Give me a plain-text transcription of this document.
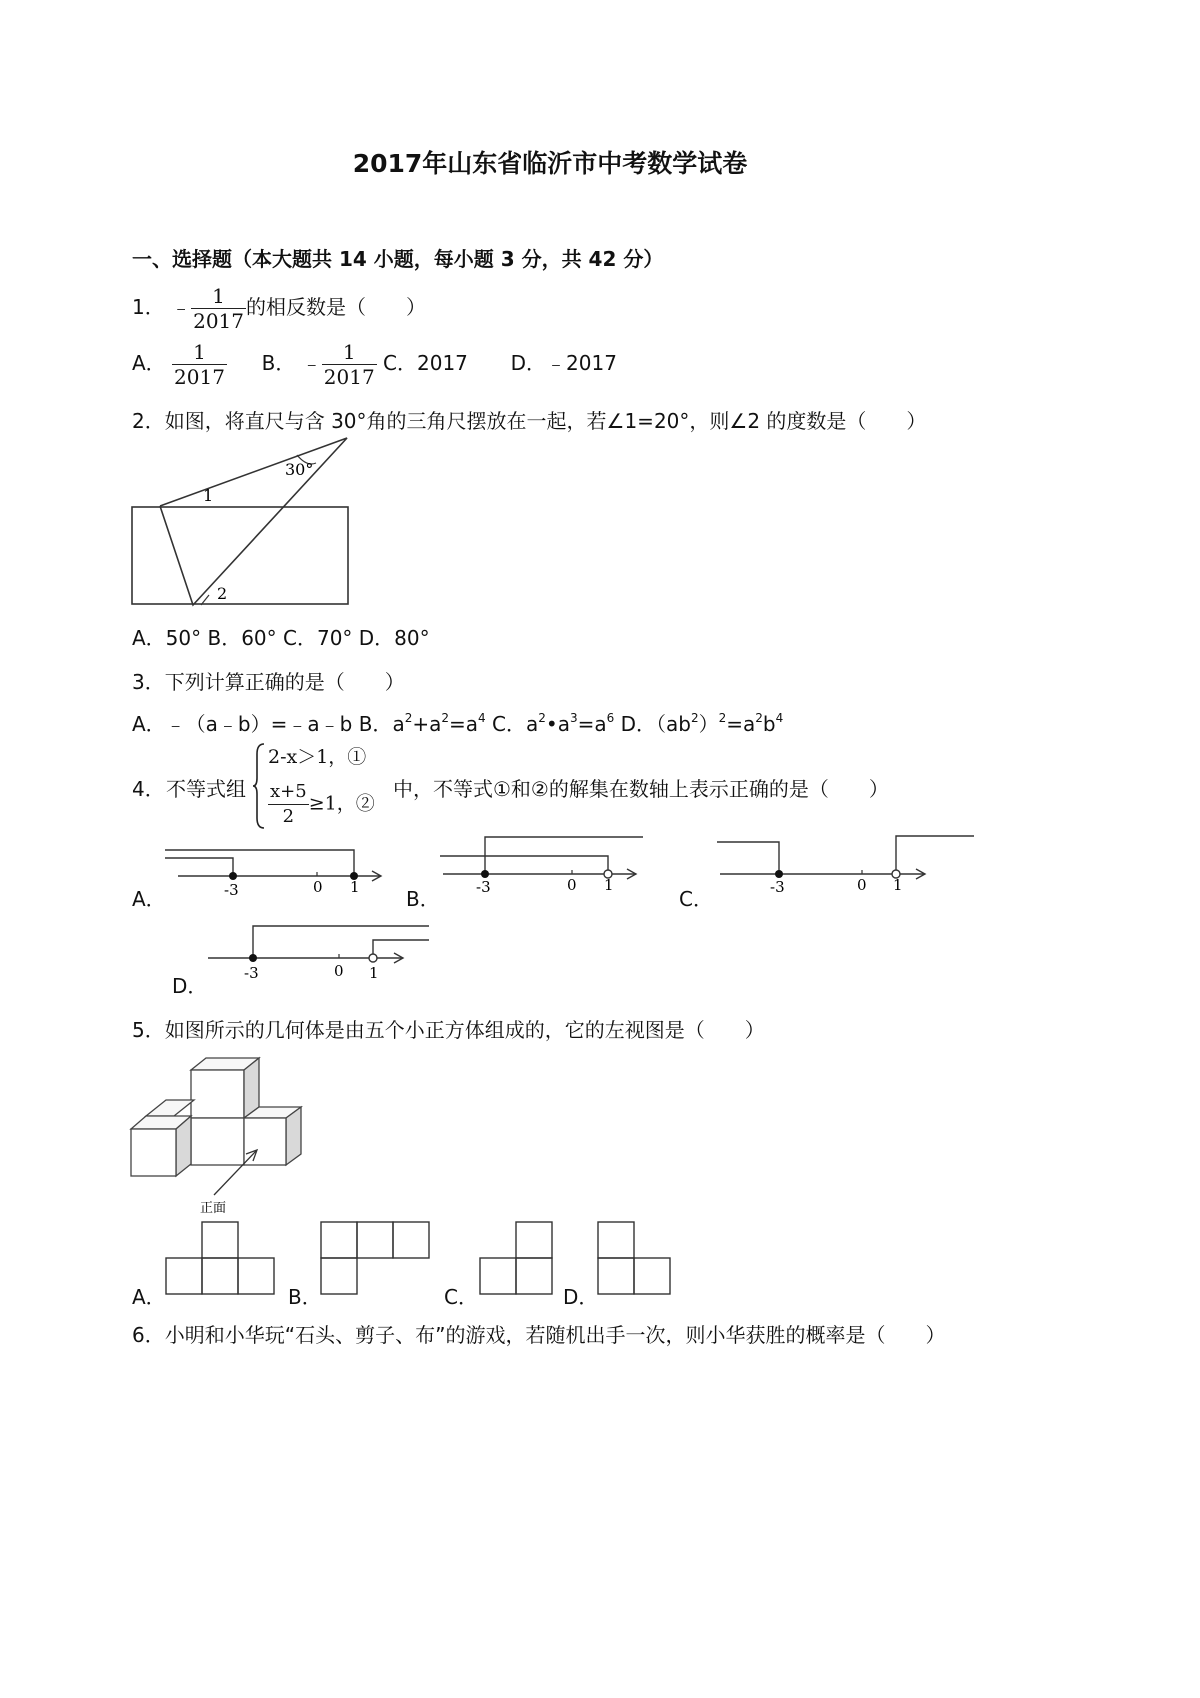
2017年山东省临沂市中考数学试卷
一、选择题（本大题共 14 小题，每小题 3 分，共 42 分）
1． ﹣ $\frac{1}{2017}$ 的相反数是（　　）
A． $\frac{1}{2017}$ B． ﹣ $\frac{1}{2017}$ C．2017 D．﹣2017
2．如图，将直尺与含 30°角的三角尺摆放在一起，若∠1=20°，则∠2 的度数是（　　）
30°
1
2
A．50° B．60° C．70° D．80°
3．下列计算正确的是（　　）
A．﹣（a﹣b）=﹣a﹣b B．$a^2+a^2=a^4$ C．$a^2•a^3=a^6$ D．$(ab^2)^2=a^2b^4$
4． 不等式组
2-x＞1，①
$\frac{x+5}{2} \ge 1$，②
中，不等式①和②的解集在数轴上表示正确的是（　　）
A．	-3	0 1 B． -3	0 1
C．	-3	0 1
D．
-3	0 1
5．如图所示的几何体是由五个小正方体组成的，它的左视图是（　　）
正面
A．	B．	C．	D．
6．小明和小华玩“石头、剪子、布”的游戏，若随机出手一次，则小华获胜的概率是（　　）
